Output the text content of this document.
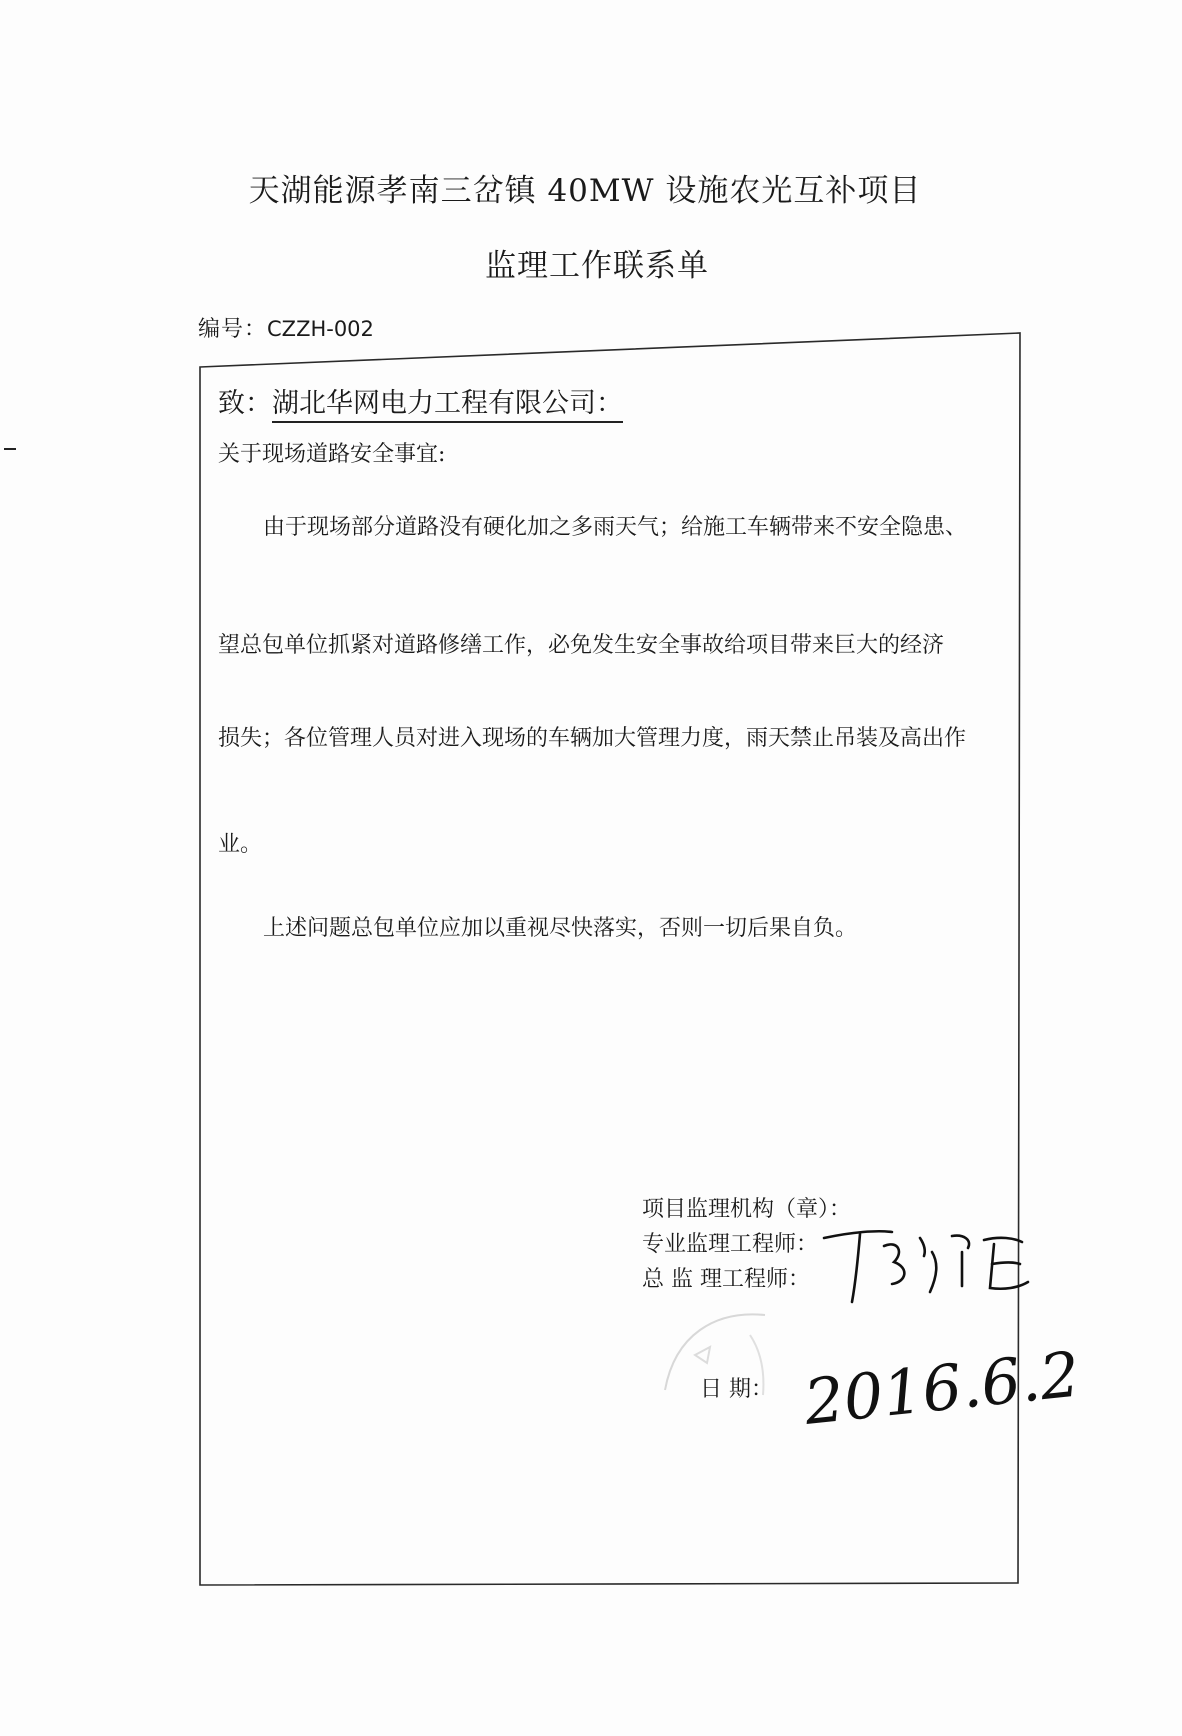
天湖能源孝南三岔镇 40MW 设施农光互补项目
监理工作联系单
编号：CZZH-002
致：湖北华网电力工程有限公司：
关于现场道路安全事宜:
由于现场部分道路没有硬化加之多雨天气；给施工车辆带来不安全隐患、
望总包单位抓紧对道路修缮工作，必免发生安全事故给项目带来巨大的经济
损失；各位管理人员对进入现场的车辆加大管理力度，雨天禁止吊装及高出作
业。
上述问题总包单位应加以重视尽快落实，否则一切后果自负。
项目监理机构（章）：
专业监理工程师：
总 监 理工程师：
日 期： 2016.6.2
